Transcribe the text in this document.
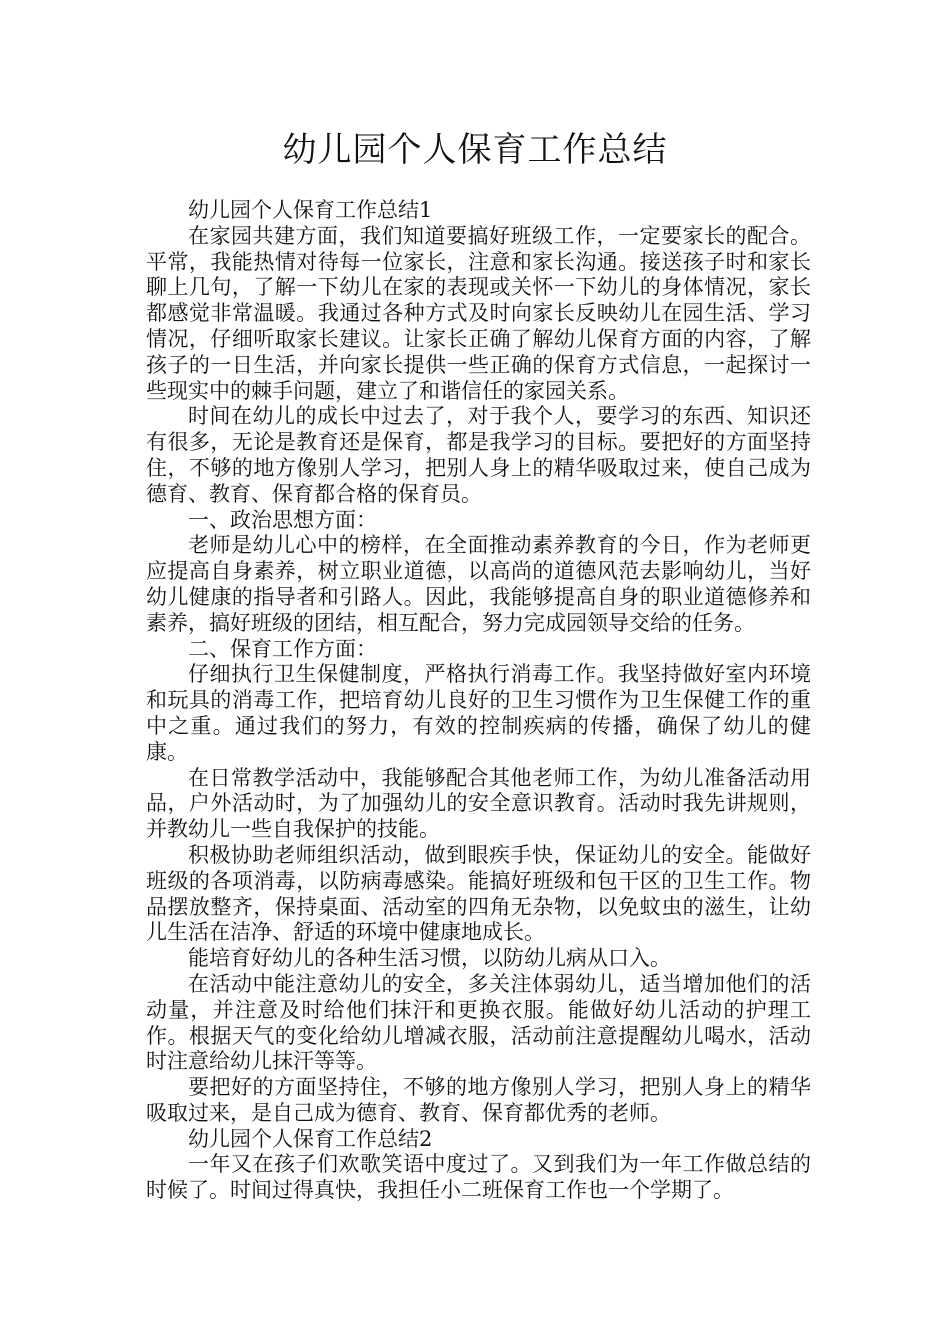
幼儿园个人保育工作总结

幼儿园个人保育工作总结1

在家园共建方面，我们知道要搞好班级工作，一定要家长的配合。平常，我能热情对待每一位家长，注意和家长沟通。接送孩子时和家长聊上几句，了解一下幼儿在家的表现或关怀一下幼儿的身体情况，家长都感觉非常温暖。我通过各种方式及时向家长反映幼儿在园生活、学习情况，仔细听取家长建议。让家长正确了解幼儿保育方面的内容，了解孩子的一日生活，并向家长提供一些正确的保育方式信息，一起探讨一些现实中的棘手问题，建立了和谐信任的家园关系。

时间在幼儿的成长中过去了，对于我个人，要学习的东西、知识还有很多，无论是教育还是保育，都是我学习的目标。要把好的方面坚持住，不够的地方像别人学习，把别人身上的精华吸取过来，使自己成为德育、教育、保育都合格的保育员。

一、政治思想方面：

老师是幼儿心中的榜样，在全面推动素养教育的今日，作为老师更应提高自身素养，树立职业道德，以高尚的道德风范去影响幼儿，当好幼儿健康的指导者和引路人。因此，我能够提高自身的职业道德修养和素养，搞好班级的团结，相互配合，努力完成园领导交给的任务。

二、保育工作方面：

仔细执行卫生保健制度，严格执行消毒工作。我坚持做好室内环境和玩具的消毒工作，把培育幼儿良好的卫生习惯作为卫生保健工作的重中之重。通过我们的努力，有效的控制疾病的传播，确保了幼儿的健康。

在日常教学活动中，我能够配合其他老师工作，为幼儿准备活动用品，户外活动时，为了加强幼儿的安全意识教育。活动时我先讲规则，并教幼儿一些自我保护的技能。

积极协助老师组织活动，做到眼疾手快，保证幼儿的安全。能做好班级的各项消毒，以防病毒感染。能搞好班级和包干区的卫生工作。物品摆放整齐，保持桌面、活动室的四角无杂物，以免蚊虫的滋生，让幼儿生活在洁净、舒适的环境中健康地成长。

能培育好幼儿的各种生活习惯，以防幼儿病从口入。

在活动中能注意幼儿的安全，多关注体弱幼儿，适当增加他们的活动量，并注意及时给他们抹汗和更换衣服。能做好幼儿活动的护理工作。根据天气的变化给幼儿增减衣服，活动前注意提醒幼儿喝水，活动时注意给幼儿抹汗等等。

要把好的方面坚持住，不够的地方像别人学习，把别人身上的精华吸取过来，是自己成为德育、教育、保育都优秀的老师。

幼儿园个人保育工作总结2

一年又在孩子们欢歌笑语中度过了。又到我们为一年工作做总结的时候了。时间过得真快，我担任小二班保育工作也一个学期了。
